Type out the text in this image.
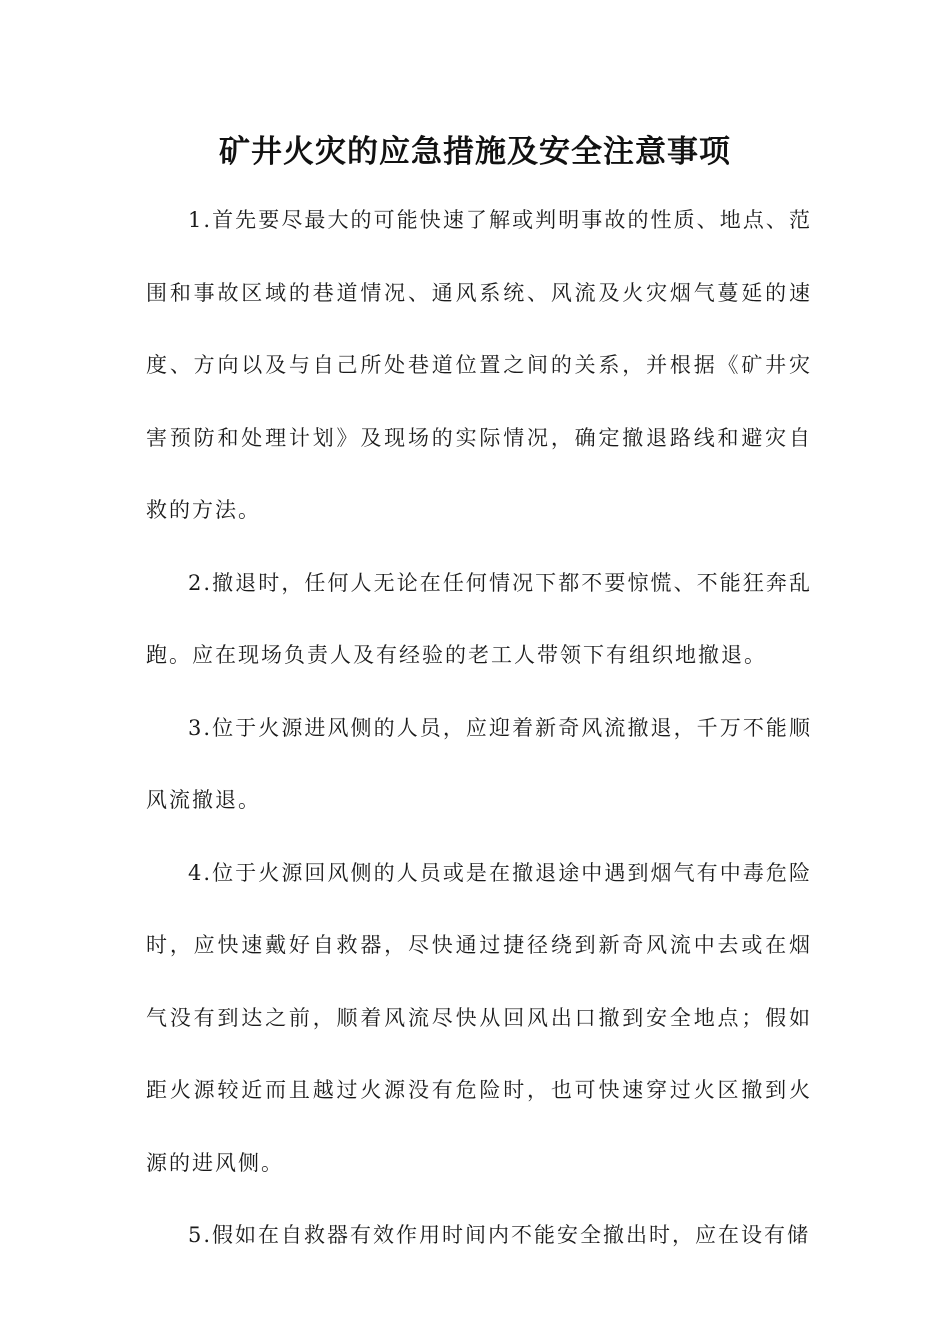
矿井火灾的应急措施及安全注意事项

1.首先要尽最大的可能快速了解或判明事故的性质、地点、范围和事故区域的巷道情况、通风系统、风流及火灾烟气蔓延的速度、方向以及与自己所处巷道位置之间的关系，并根据《矿井灾害预防和处理计划》及现场的实际情况，确定撤退路线和避灾自救的方法。

2.撤退时，任何人无论在任何情况下都不要惊慌、不能狂奔乱跑。应在现场负责人及有经验的老工人带领下有组织地撤退。

3.位于火源进风侧的人员，应迎着新奇风流撤退，千万不能顺风流撤退。

4.位于火源回风侧的人员或是在撤退途中遇到烟气有中毒危险时，应快速戴好自救器，尽快通过捷径绕到新奇风流中去或在烟气没有到达之前，顺着风流尽快从回风出口撤到安全地点；假如距火源较近而且越过火源没有危险时，也可快速穿过火区撤到火源的进风侧。

5.假如在自救器有效作用时间内不能安全撤出时，应在设有储
